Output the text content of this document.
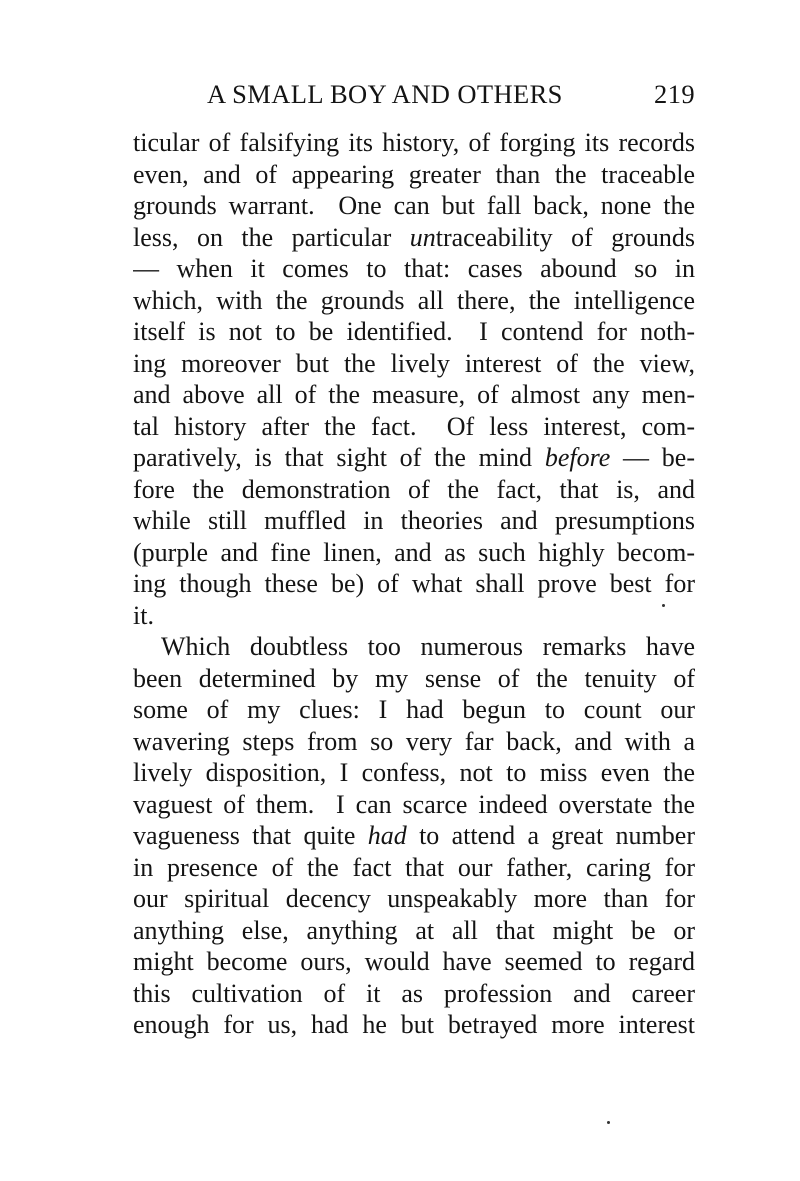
A SMALL BOY AND OTHERS	219
ticular of falsifying its history, of forging its records
even, and of appearing greater than the traceable
grounds warrant.  One can but fall back, none the
less, on the particular untraceability of grounds
— when it comes to that: cases abound so in
which, with the grounds all there, the intelligence
itself is not to be identified.  I contend for noth-
ing moreover but the lively interest of the view,
and above all of the measure, of almost any men-
tal history after the fact.  Of less interest, com-
paratively, is that sight of the mind before — be-
fore the demonstration of the fact, that is, and
while still muffled in theories and presumptions
(purple and fine linen, and as such highly becom-
ing though these be) of what shall prove best for
it.
Which doubtless too numerous remarks have
been determined by my sense of the tenuity of
some of my clues: I had begun to count our
wavering steps from so very far back, and with a
lively disposition, I confess, not to miss even the
vaguest of them.  I can scarce indeed overstate the
vagueness that quite had to attend a great number
in presence of the fact that our father, caring for
our spiritual decency unspeakably more than for
anything else, anything at all that might be or
might become ours, would have seemed to regard
this cultivation of it as profession and career
enough for us, had he but betrayed more interest
